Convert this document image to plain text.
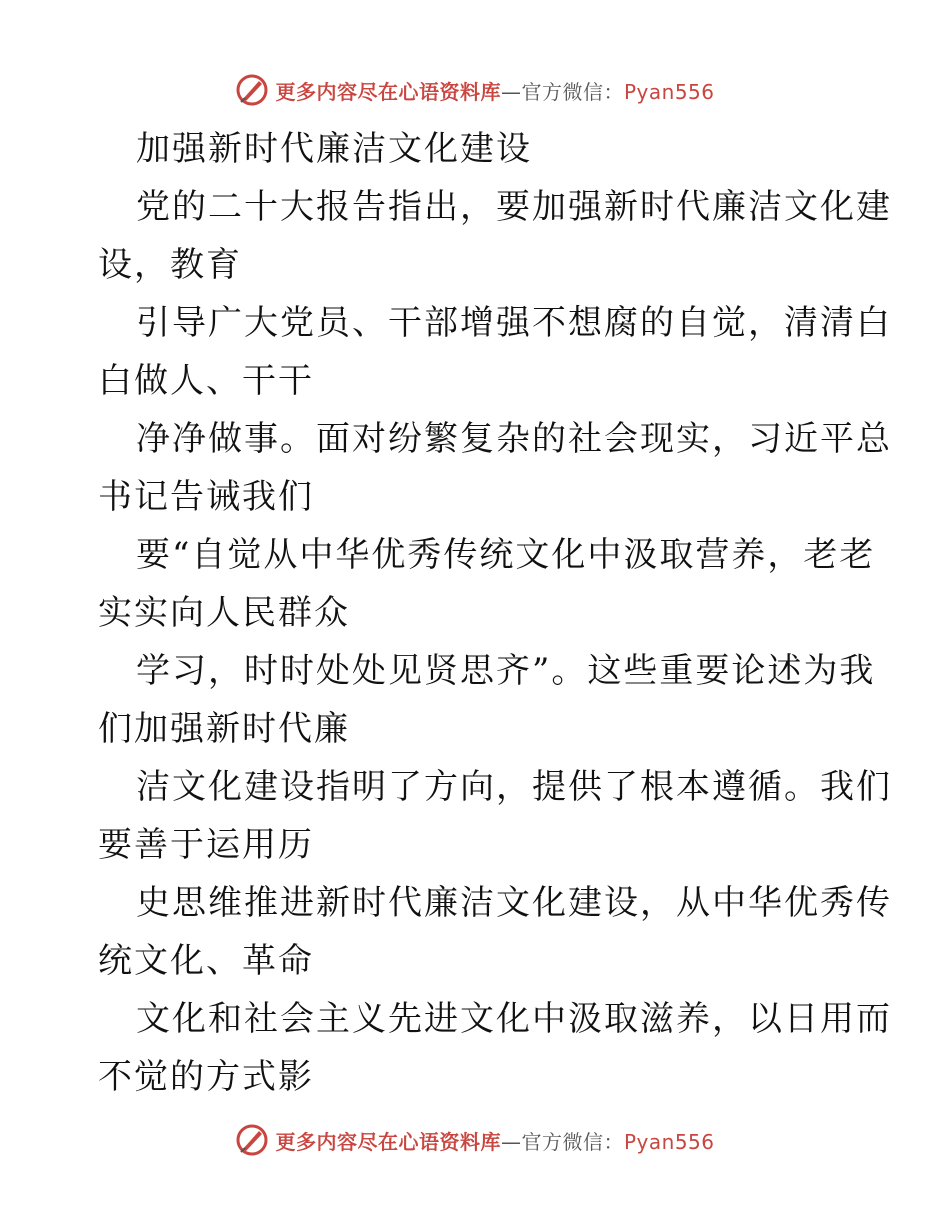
更多内容尽在心语资料库—官方微信：Pyan556
加强新时代廉洁文化建设
党的二十大报告指出，要加强新时代廉洁文化建
设，教育
引导广大党员、干部增强不想腐的自觉，清清白
白做人、干干
净净做事。面对纷繁复杂的社会现实，习近平总
书记告诫我们
要“自觉从中华优秀传统文化中汲取营养，老老
实实向人民群众
学习，时时处处见贤思齐”。这些重要论述为我
们加强新时代廉
洁文化建设指明了方向，提供了根本遵循。我们
要善于运用历
史思维推进新时代廉洁文化建设，从中华优秀传
统文化、革命
文化和社会主义先进文化中汲取滋养，以日用而
不觉的方式影
更多内容尽在心语资料库—官方微信：Pyan556
